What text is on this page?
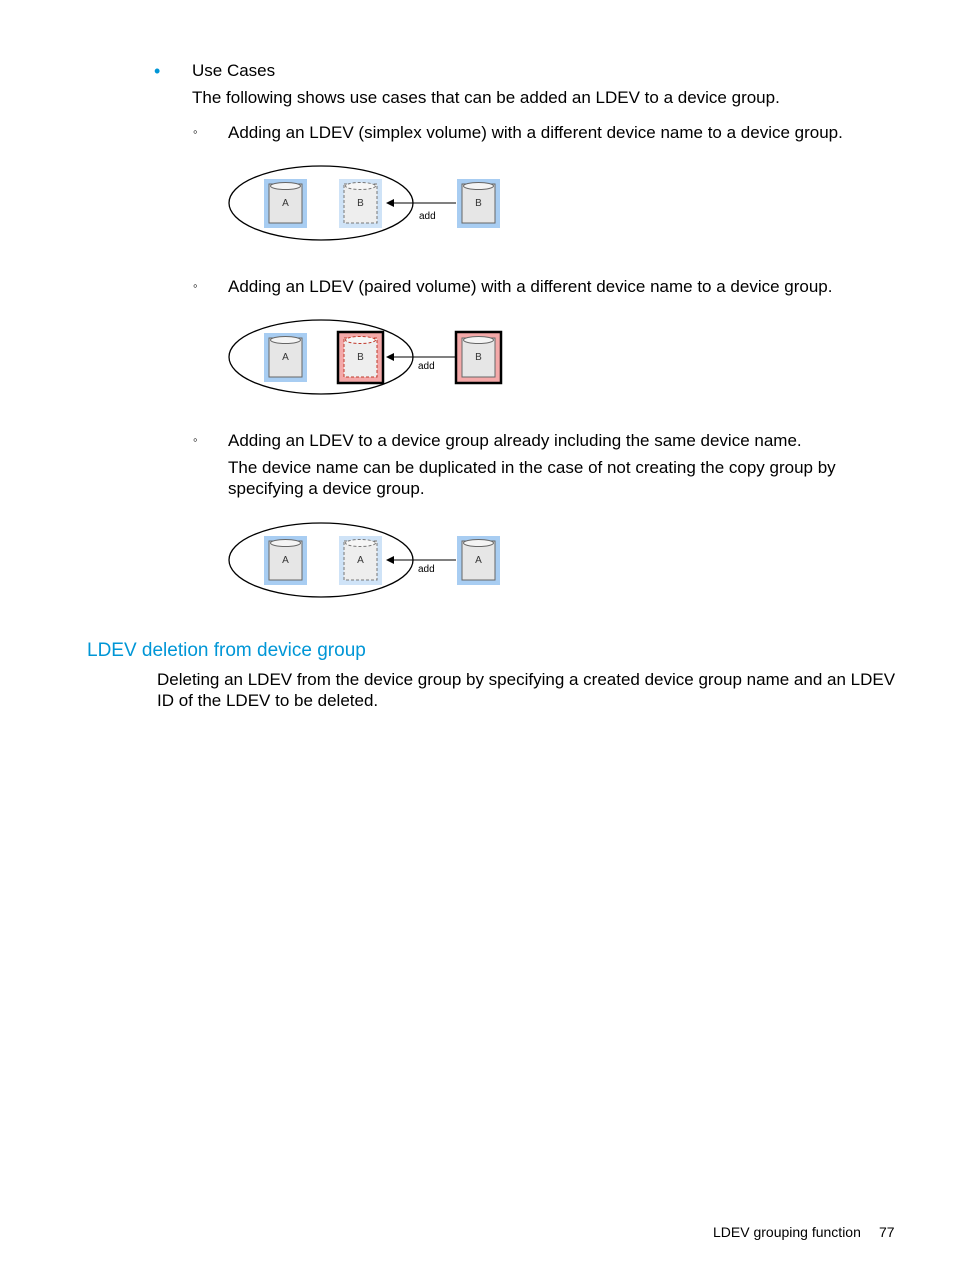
• Use Cases
The following shows use cases that can be added an LDEV to a device group.
◦ Adding an LDEV (simplex volume) with a different device name to a device group.
A	B
add
B
◦ Adding an LDEV (paired volume) with a different device name to a device group.
A	B
add
B
◦ Adding an LDEV to a device group already including the same device name.
The device name can be duplicated in the case of not creating the copy group by specifying a device group.
A	A
add
A
LDEV deletion from device group
Deleting an LDEV from the device group by specifying a created device group name and an LDEV ID of the LDEV to be deleted.
LDEV grouping function 77
